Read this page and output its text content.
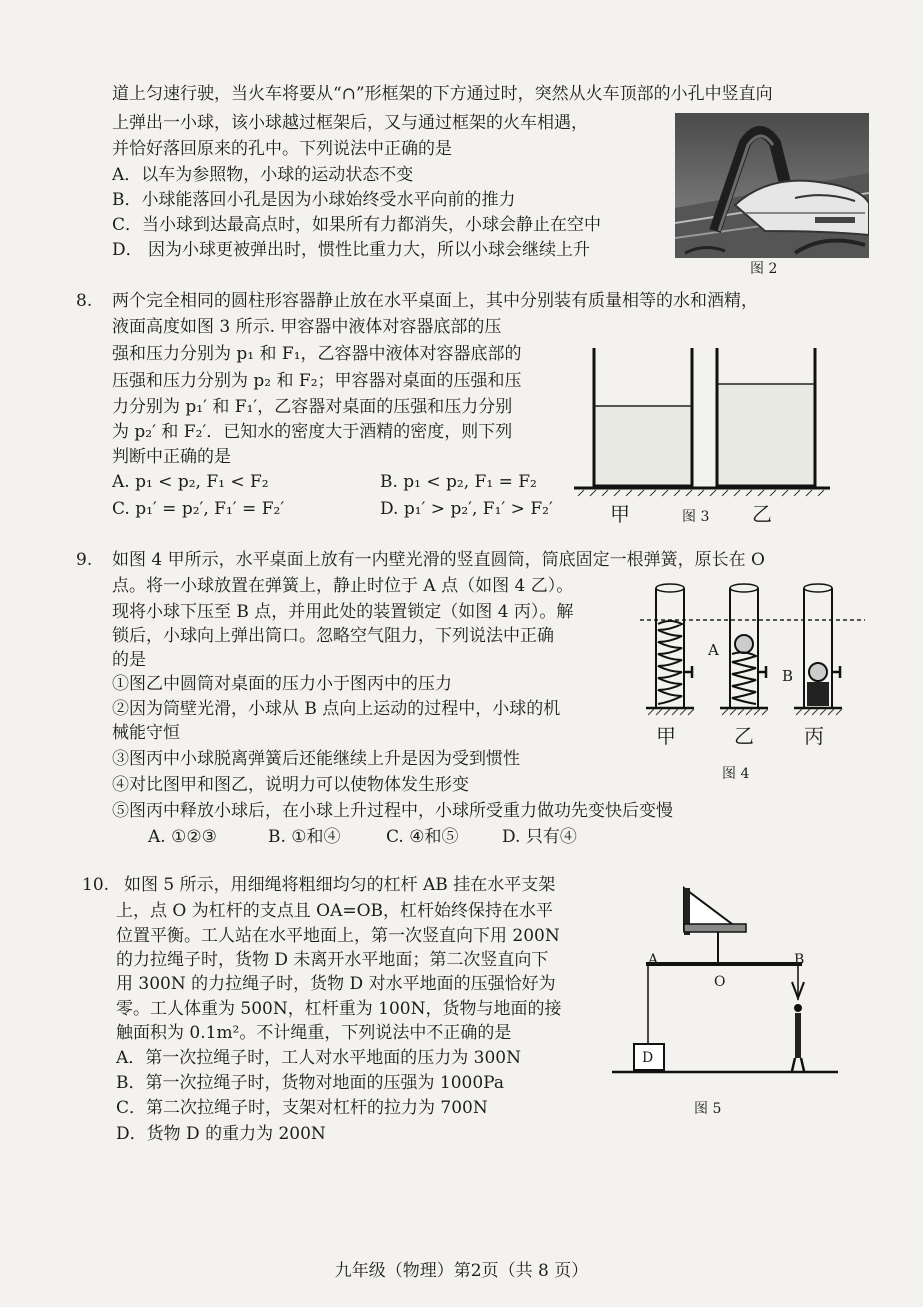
道上匀速行驶，当火车将要从“∩”形框架的下方通过时，突然从火车顶部的小孔中竖直向
上弹出一小球，该小球越过框架后，又与通过框架的火车相遇，
并恰好落回原来的孔中。下列说法中正确的是
A．以车为参照物，小球的运动状态不变
B．小球能落回小孔是因为小球始终受水平向前的推力
C．当小球到达最高点时，如果所有力都消失，小球会静止在空中
D． 因为小球更被弹出时，惯性比重力大，所以小球会继续上升
图 2
8. 两个完全相同的圆柱形容器静止放在水平桌面上，其中分别装有质量相等的水和酒精，
液面高度如图 3 所示. 甲容器中液体对容器底部的压
强和压力分别为 p₁ 和 F₁，乙容器中液体对容器底部的
压强和压力分别为 p₂ 和 F₂；甲容器对桌面的压强和压
力分别为 p₁′ 和 F₁′，乙容器对桌面的压强和压力分别
为 p₂′ 和 F₂′．已知水的密度大于酒精的密度，则下列
判断中正确的是
A. p₁ < p₂, F₁ < F₂	B. p₁ < p₂, F₁ = F₂
C. p₁′ = p₂′, F₁′ = F₂′	D. p₁′ > p₂′, F₁′ > F₂′	甲	图 3 乙
9. 如图 4 甲所示，水平桌面上放有一内壁光滑的竖直圆筒，筒底固定一根弹簧，原长在 O
点。将一小球放置在弹簧上，静止时位于 A 点（如图 4 乙）。
现将小球下压至 B 点，并用此处的装置锁定（如图 4 丙）。解
锁后，小球向上弹出筒口。忽略空气阻力，下列说法中正确
的是
①图乙中圆筒对桌面的压力小于图丙中的压力
②因为筒壁光滑，小球从 B 点向上运动的过程中，小球的机
械能守恒
③图丙中小球脱离弹簧后还能继续上升是因为受到惯性
④对比图甲和图乙，说明力可以使物体发生形变
⑤图丙中释放小球后，在小球上升过程中，小球所受重力做功先变快后变慢
A. ①②③	B. ①和④	C. ④和⑤	D. 只有④
A
B
甲	乙	丙
图 4
10. 如图 5 所示，用细绳将粗细均匀的杠杆 AB 挂在水平支架
上，点 O 为杠杆的支点且 OA=OB，杠杆始终保持在水平
位置平衡。工人站在水平地面上，第一次竖直向下用 200N
的力拉绳子时，货物 D 未离开水平地面；第二次竖直向下
用 300N 的力拉绳子时，货物 D 对水平地面的压强恰好为
零。工人体重为 500N，杠杆重为 100N，货物与地面的接
触面积为 0.1m²。不计绳重，下列说法中不正确的是
A．第一次拉绳子时，工人对水平地面的压力为 300N
B．第一次拉绳子时，货物对地面的压强为 1000Pa
C．第二次拉绳子时，支架对杠杆的拉力为 700N
D．货物 D 的重力为 200N
A
O
B
D
图 5
九年级（物理）第2页（共 8 页）
